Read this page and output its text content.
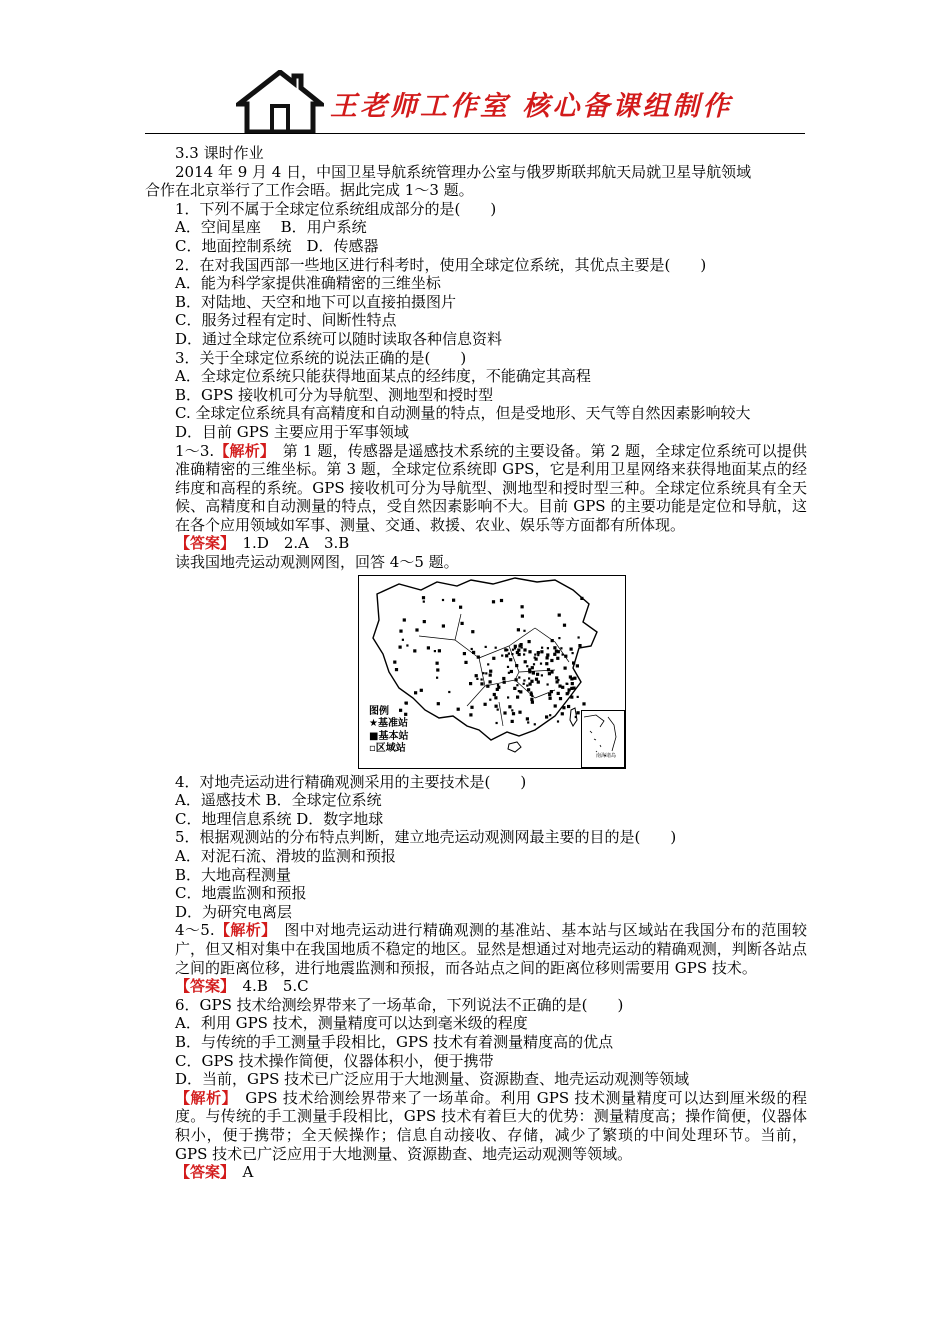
王老师工作室 核心备课组制作

3.3 课时作业

2014 年 9 月 4 日，中国卫星导航系统管理办公室与俄罗斯联邦航天局就卫星导航领域

合作在北京举行了工作会晤。据此完成 1～3 题。

1．下列不属于全球定位系统组成部分的是(　　)

A．空间星座　 B．用户系统

C．地面控制系统　D．传感器

2．在对我国西部一些地区进行科考时，使用全球定位系统，其优点主要是(　　)

A．能为科学家提供准确精密的三维坐标

B．对陆地、天空和地下可以直接拍摄图片

C．服务过程有定时、间断性特点

D．通过全球定位系统可以随时读取各种信息资料

3．关于全球定位系统的说法正确的是(　　)

A．全球定位系统只能获得地面某点的经纬度，不能确定其高程

B．GPS 接收机可分为导航型、测地型和授时型

C. 全球定位系统具有高精度和自动测量的特点，但是受地形、天气等自然因素影响较大

D．目前 GPS 主要应用于军事领域

1～3.【解析】　第 1 题，传感器是遥感技术系统的主要设备。第 2 题，全球定位系统可以提供准确精密的三维坐标。第 3 题，全球定位系统即 GPS，它是利用卫星网络来获得地面某点的经纬度和高程的系统。GPS 接收机可分为导航型、测地型和授时型三种。全球定位系统具有全天候、高精度和自动测量的特点，受自然因素影响不大。目前 GPS 的主要功能是定位和导航，这在各个应用领域如军事、测量、交通、救援、农业、娱乐等方面都有所体现。

【答案】　1.D　2.A　3.B

读我国地壳运动观测网图，回答 4～5 题。

图例
★基准站
■基本站
▫区域站
南海诸岛

4．对地壳运动进行精确观测采用的主要技术是(　　)

A．遥感技术 B．全球定位系统

C．地理信息系统 D．数字地球

5．根据观测站的分布特点判断，建立地壳运动观测网最主要的目的是(　　)

A．对泥石流、滑坡的监测和预报

B．大地高程测量

C．地震监测和预报

D．为研究电离层

4～5.【解析】　图中对地壳运动进行精确观测的基准站、基本站与区域站在我国分布的范围较广，但又相对集中在我国地质不稳定的地区。显然是想通过对地壳运动的精确观测，判断各站点之间的距离位移，进行地震监测和预报，而各站点之间的距离位移则需要用 GPS 技术。

【答案】　4.B　5.C

6．GPS 技术给测绘界带来了一场革命，下列说法不正确的是(　　)

A．利用 GPS 技术，测量精度可以达到毫米级的程度

B．与传统的手工测量手段相比，GPS 技术有着测量精度高的优点

C．GPS 技术操作简便，仪器体积小，便于携带

D．当前，GPS 技术已广泛应用于大地测量、资源勘查、地壳运动观测等领域

【解析】　GPS 技术给测绘界带来了一场革命。利用 GPS 技术测量精度可以达到厘米级的程度。与传统的手工测量手段相比，GPS 技术有着巨大的优势：测量精度高；操作简便，仪器体积小，便于携带；全天候操作；信息自动接收、存储，减少了繁琐的中间处理环节。当前，GPS 技术已广泛应用于大地测量、资源勘查、地壳运动观测等领域。

【答案】　A
